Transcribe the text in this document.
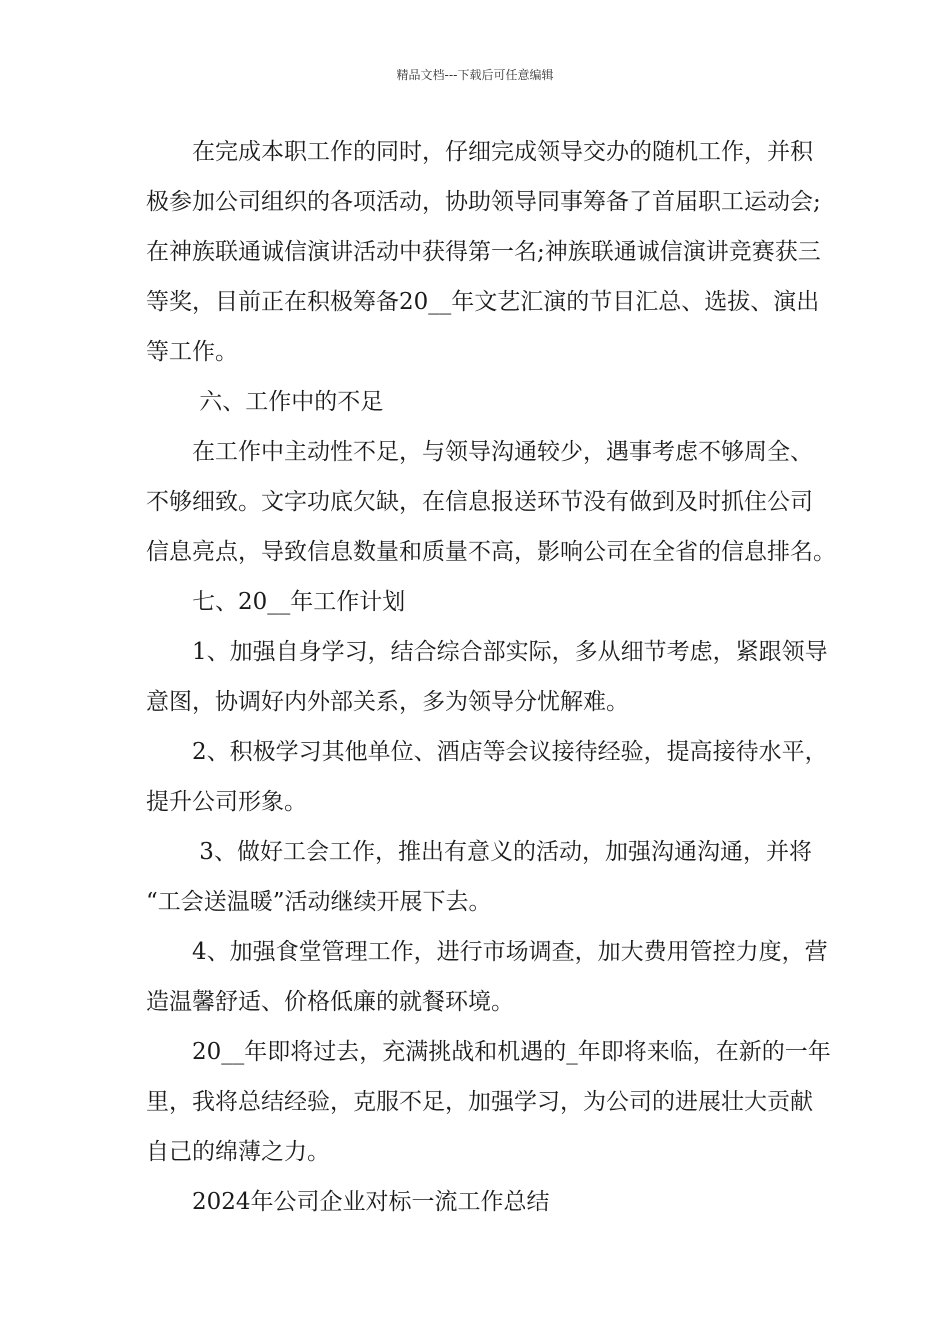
精品文档---下载后可任意编辑
　　在完成本职工作的同时，仔细完成领导交办的随机工作，并积
极参加公司组织的各项活动，协助领导同事筹备了首届职工运动会;
在神族联通诚信演讲活动中获得第一名;神族联通诚信演讲竞赛获三
等奖，目前正在积极筹备20__年文艺汇演的节目汇总、选拔、演出
等工作。
　　 六、工作中的不足
　　在工作中主动性不足，与领导沟通较少，遇事考虑不够周全、
不够细致。文字功底欠缺，在信息报送环节没有做到及时抓住公司
信息亮点，导致信息数量和质量不高，影响公司在全省的信息排名。
　　七、20__年工作计划
　　1、加强自身学习，结合综合部实际，多从细节考虑，紧跟领导
意图，协调好内外部关系，多为领导分忧解难。
　　2、积极学习其他单位、酒店等会议接待经验，提高接待水平，
提升公司形象。
　　 3、做好工会工作，推出有意义的活动，加强沟通沟通，并将
“工会送温暖”活动继续开展下去。
　　4、加强食堂管理工作，进行市场调查，加大费用管控力度，营
造温馨舒适、价格低廉的就餐环境。
　　20__年即将过去，充满挑战和机遇的_年即将来临，在新的一年
里，我将总结经验，克服不足，加强学习，为公司的进展壮大贡献
自己的绵薄之力。
　　2024年公司企业对标一流工作总结
